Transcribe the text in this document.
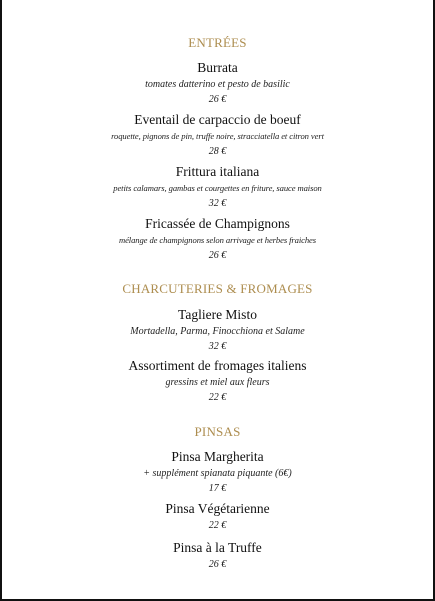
ENTRÉES
Burrata
tomates datterino et pesto de basilic
26 €
Eventail de carpaccio de boeuf
roquette, pignons de pin, truffe noire, stracciatella et citron vert
28 €
Frittura italiana
petits calamars, gambas et courgettes en friture, sauce maison
32 €
Fricassée de Champignons
mélange de champignons selon arrivage et herbes fraiches
26 €
CHARCUTERIES & FROMAGES
Tagliere Misto
Mortadella, Parma, Finocchiona et Salame
32 €
Assortiment de fromages italiens
gressins et miel aux fleurs
22 €
PINSAS
Pinsa Margherita
+ supplément spianata piquante (6€)
17 €
Pinsa Végétarienne
22 €
Pinsa à la Truffe
26 €
